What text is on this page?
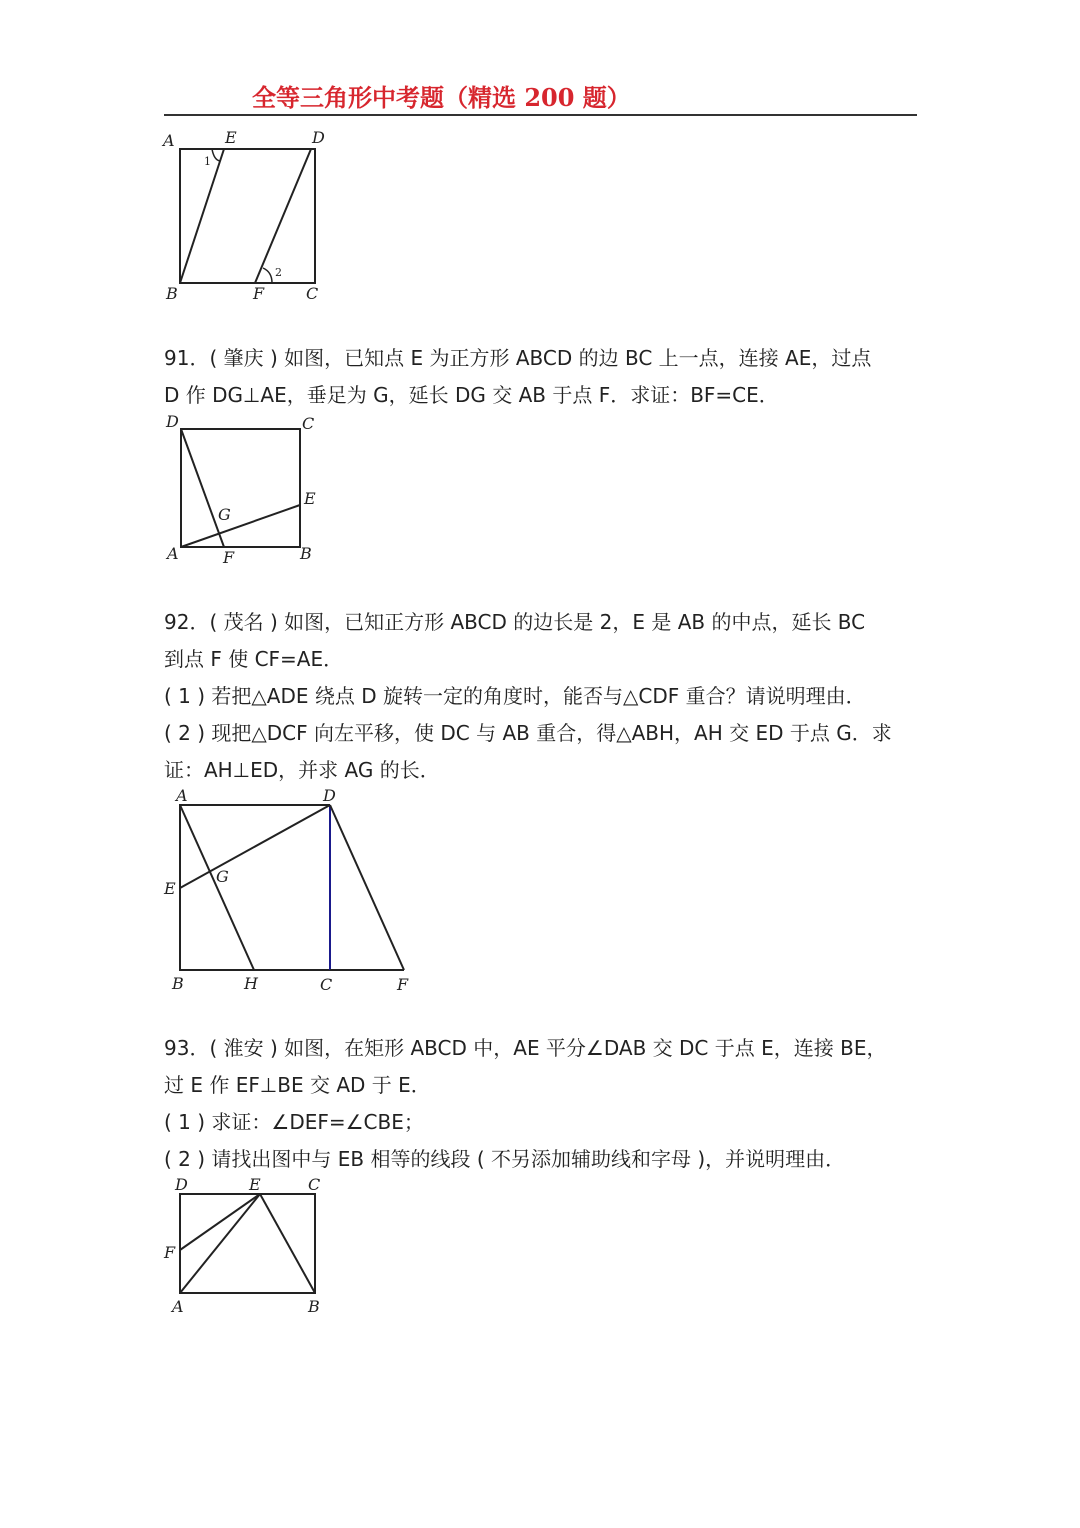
全等三角形中考题（精选 200 题）
A	E	D
B	F	C
1
2
91．( 肇庆 ) 如图，已知点 E 为正方形 ABCD 的边 BC 上一点，连接 AE，过点
D 作 DG⊥AE，垂足为 G，延长 DG 交 AB 于点 F．求证：BF=CE．
D	C
E
G
A	F	B
92．( 茂名 ) 如图，已知正方形 ABCD 的边长是 2，E 是 AB 的中点，延长 BC
到点 F 使 CF=AE．
( 1 ) 若把△ADE 绕点 D 旋转一定的角度时，能否与△CDF 重合？请说明理由．
( 2 ) 现把△DCF 向左平移，使 DC 与 AB 重合，得△ABH，AH 交 ED 于点 G．求
证：AH⊥ED，并求 AG 的长．
A	D
E
G
B	H	C	F
93．( 淮安 ) 如图，在矩形 ABCD 中，AE 平分∠DAB 交 DC 于点 E，连接 BE，
过 E 作 EF⊥BE 交 AD 于 E．
( 1 ) 求证：∠DEF=∠CBE；
( 2 ) 请找出图中与 EB 相等的线段 ( 不另添加辅助线和字母 )，并说明理由．
D	E	C
F
A	B
